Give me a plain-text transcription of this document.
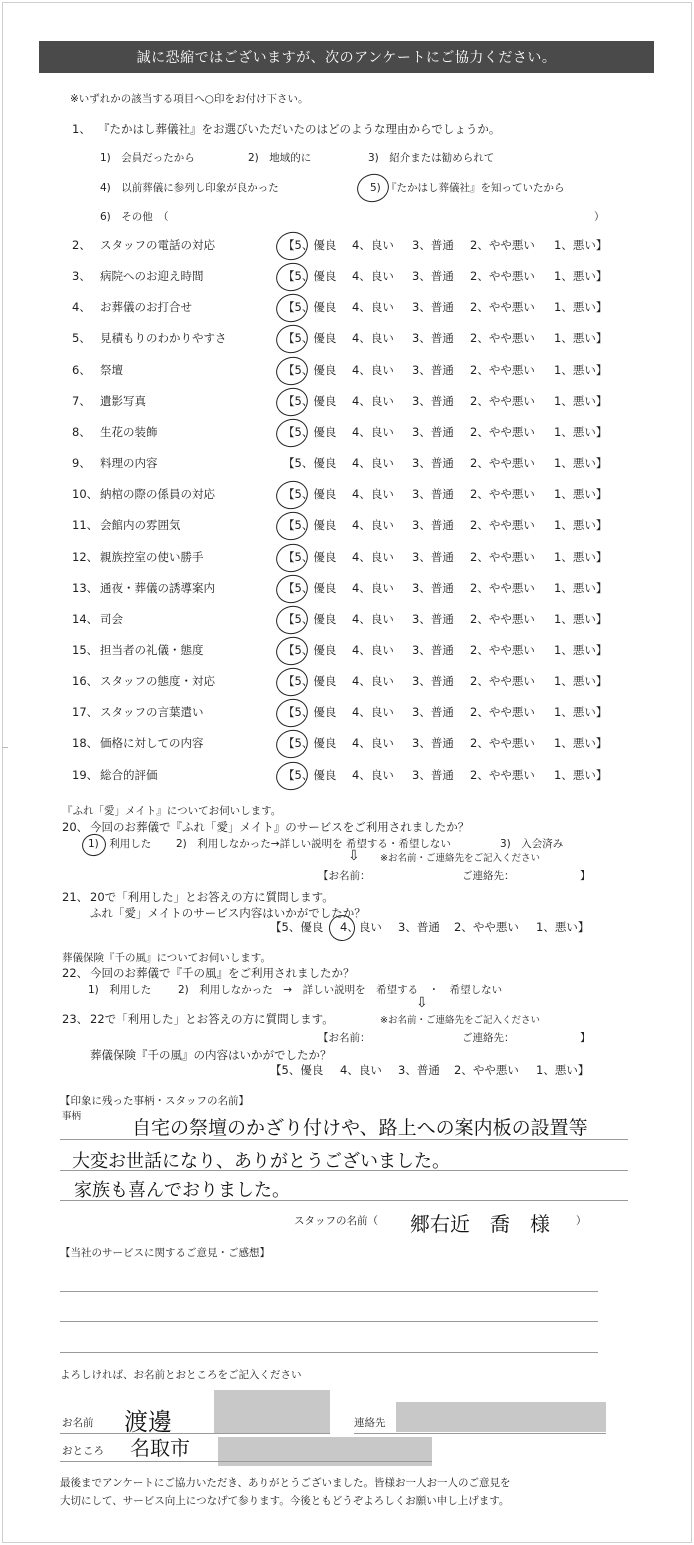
誠に恐縮ではございますが、次のアンケートにご協力ください。
※いずれかの該当する項目へ○印をお付け下さい。
1、 『たかはし葬儀社』をお選びいただいたのはどのような理由からでしょうか。
1)　会員だったから	2)　地域的に	3)　紹介または勧められて
4)　以前葬儀に参列し印象が良かった	5)　『たかはし葬儀社』を知っていたから
6)　その他　（	）
2、 スタッフの電話の対応	【5、優良 4、良い 3、普通 2、やや悪い 1、悪い】
3、 病院へのお迎え時間	【5、優良 4、良い 3、普通 2、やや悪い 1、悪い】
4、 お葬儀のお打合せ	【5、優良 4、良い 3、普通 2、やや悪い 1、悪い】
5、 見積もりのわかりやすさ	【5、優良 4、良い 3、普通 2、やや悪い 1、悪い】
6、 祭壇	【5、優良 4、良い 3、普通 2、やや悪い 1、悪い】
7、 遺影写真	【5、優良 4、良い 3、普通 2、やや悪い 1、悪い】
8、 生花の装飾	【5、優良 4、良い 3、普通 2、やや悪い 1、悪い】
9、 料理の内容	【5、優良 4、良い 3、普通 2、やや悪い 1、悪い】
10、 納棺の際の係員の対応	【5、優良 4、良い 3、普通 2、やや悪い 1、悪い】
11、 会館内の雰囲気	【5、優良 4、良い 3、普通 2、やや悪い 1、悪い】
12、 親族控室の使い勝手	【5、優良 4、良い 3、普通 2、やや悪い 1、悪い】
13、 通夜・葬儀の誘導案内	【5、優良 4、良い 3、普通 2、やや悪い 1、悪い】
14、 司会	【5、優良 4、良い 3、普通 2、やや悪い 1、悪い】
15、 担当者の礼儀・態度	【5、優良 4、良い 3、普通 2、やや悪い 1、悪い】
16、 スタッフの態度・対応	【5、優良 4、良い 3、普通 2、やや悪い 1、悪い】
17、 スタッフの言葉遣い	【5、優良 4、良い 3、普通 2、やや悪い 1、悪い】
18、 価格に対しての内容	【5、優良 4、良い 3、普通 2、やや悪い 1、悪い】
19、 総合的評価	【5、優良 4、良い 3、普通 2、やや悪い 1、悪い】
『ふれ「愛」メイト』についてお伺いします。
20、 今回のお葬儀で『ふれ「愛」メイト』のサービスをご利用されましたか？
1)　利用した 2)　利用しなかった→詳しい説明を 希望する・希望しない	3)　入会済み
⇩ ※お名前・ご連絡先をご記入ください
【お名前：	ご連絡先：	】
21、 20で「利用した」とお答えの方に質問します。
ふれ「愛」メイトのサービス内容はいかがでしたか？
【5、優良 4、良い 3、普通 2、やや悪い 1、悪い】
葬儀保険『千の風』についてお伺いします。
22、 今回のお葬儀で『千の風』をご利用されましたか？
1)　利用した	2)　利用しなかった　→　詳しい説明を　希望する　・　希望しない
⇩
23、 22で「利用した」とお答えの方に質問します。	※お名前・ご連絡先をご記入ください
【お名前：	ご連絡先：	】
葬儀保険『千の風』の内容はいかがでしたか？
【5、優良 4、良い 3、普通 2、やや悪い 1、悪い】
【印象に残った事柄・スタッフの名前】
事柄
自宅の祭壇のかざり付けや、路上への案内板の設置等
大変お世話になり、ありがとうございました。
家族も喜んでおりました。
スタッフの名前（ 郷右近　喬　様 ）
【当社のサービスに関するご意見・ご感想】
よろしければ、お名前とおところをご記入ください
お名前 渡邊	連絡先
おところ 名取市
最後までアンケートにご協力いただき、ありがとうございました。皆様お一人お一人のご意見を
大切にして、サービス向上につなげて参ります。今後ともどうぞよろしくお願い申し上げます。
